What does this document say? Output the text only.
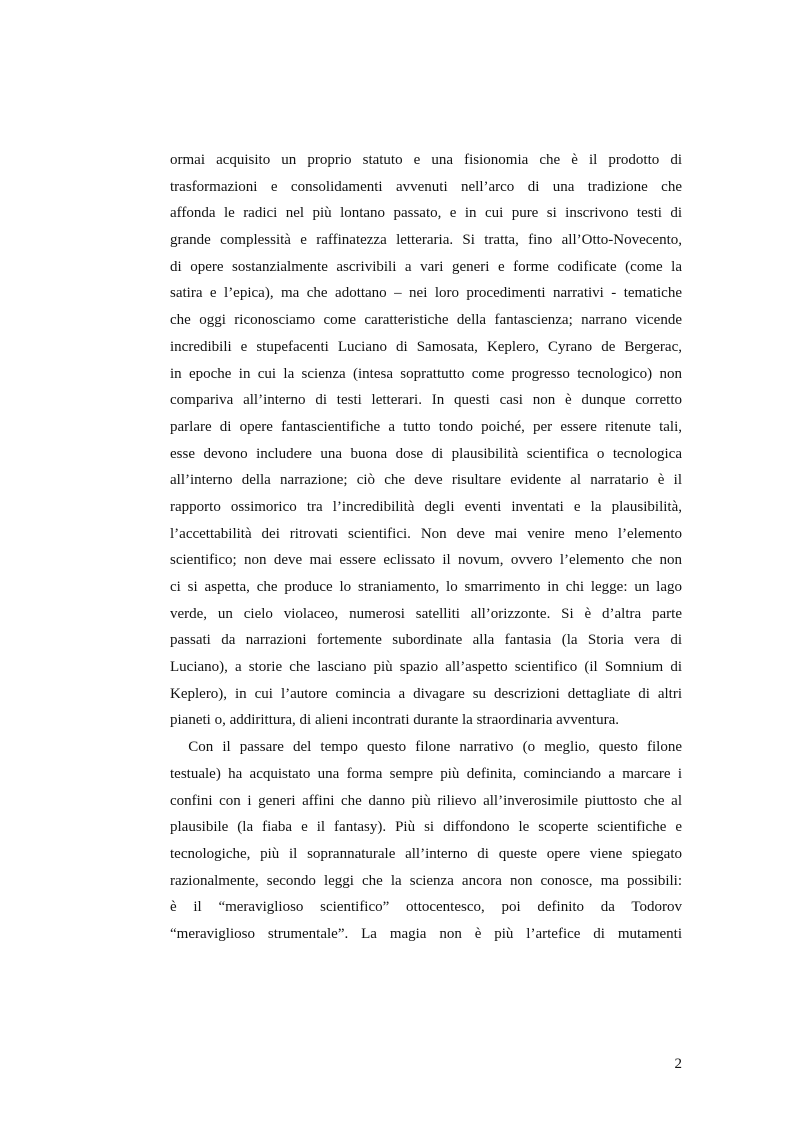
ormai acquisito un proprio statuto e una fisionomia che è il prodotto di
trasformazioni e consolidamenti avvenuti nell’arco di una tradizione che
affonda le radici nel più lontano passato, e in cui pure si inscrivono testi di
grande complessità e raffinatezza letteraria. Si tratta, fino all’Otto-Novecento,
di opere sostanzialmente ascrivibili a vari generi e forme codificate (come la
satira e l’epica), ma che adottano – nei loro procedimenti narrativi - tematiche
che oggi riconosciamo come caratteristiche della fantascienza; narrano vicende
incredibili e stupefacenti Luciano di Samosata, Keplero, Cyrano de Bergerac,
in epoche in cui la scienza (intesa soprattutto come progresso tecnologico) non
compariva all’interno di testi letterari. In questi casi non è dunque corretto
parlare di opere fantascientifiche a tutto tondo poiché, per essere ritenute tali,
esse devono includere una buona dose di plausibilità scientifica o tecnologica
all’interno della narrazione; ciò che deve risultare evidente al narratario è il
rapporto ossimorico tra l’incredibilità degli eventi inventati e la plausibilità,
l’accettabilità dei ritrovati scientifici. Non deve mai venire meno l’elemento
scientifico; non deve mai essere eclissato il novum, ovvero l’elemento che non
ci si aspetta, che produce lo straniamento, lo smarrimento in chi legge: un lago
verde, un cielo violaceo, numerosi satelliti all’orizzonte. Si è d’altra parte
passati da narrazioni fortemente subordinate alla fantasia (la Storia vera di
Luciano), a storie che lasciano più spazio all’aspetto scientifico (il Somnium di
Keplero), in cui l’autore comincia a divagare su descrizioni dettagliate di altri
pianeti o, addirittura, di alieni incontrati durante la straordinaria avventura.
Con il passare del tempo questo filone narrativo (o meglio, questo filone
testuale) ha acquistato una forma sempre più definita, cominciando a marcare i
confini con i generi affini che danno più rilievo all’inverosimile piuttosto che al
plausibile (la fiaba e il fantasy). Più si diffondono le scoperte scientifiche e
tecnologiche, più il soprannaturale all’interno di queste opere viene spiegato
razionalmente, secondo leggi che la scienza ancora non conosce, ma possibili:
è il “meraviglioso scientifico” ottocentesco, poi definito da Todorov
“meraviglioso strumentale”. La magia non è più l’artefice di mutamenti
2
